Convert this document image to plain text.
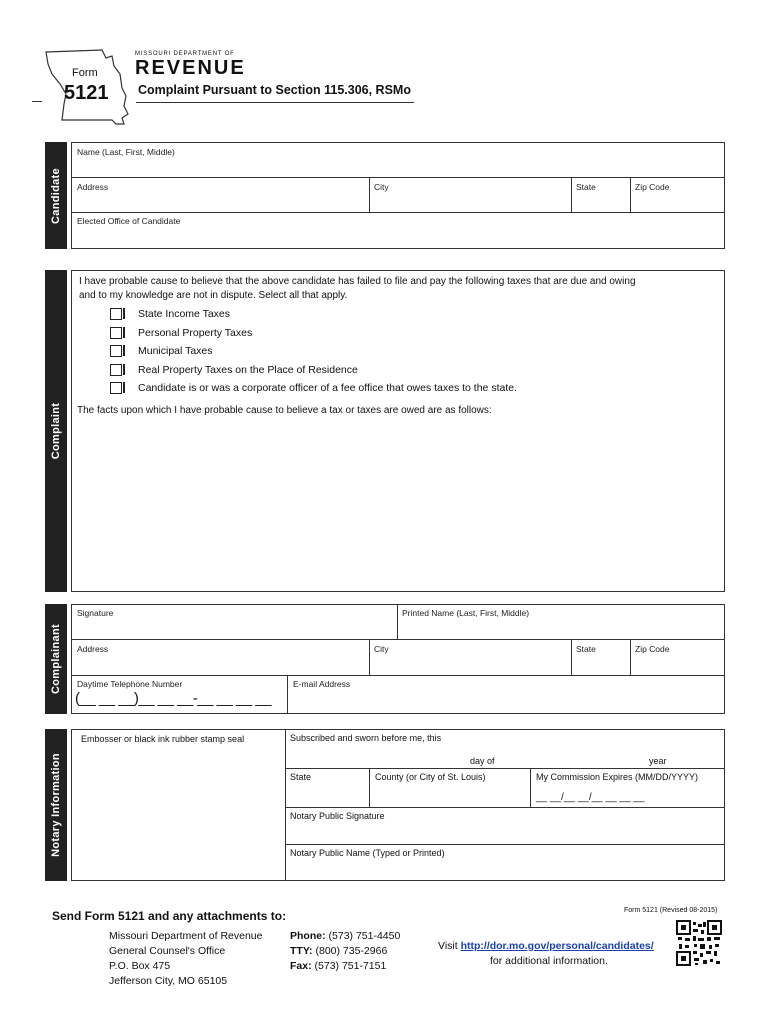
Form
5121
MISSOURI DEPARTMENT OF
REVENUE
Complaint Pursuant to Section 115.306, RSMo
Candidate
Name (Last, First, Middle)
Address	City	State	Zip Code
Elected Office of Candidate
Complaint
I have probable cause to believe that the above candidate has failed to file and pay the following taxes that are due and owing
and to my knowledge are not in dispute. Select all that apply.
State Income Taxes
Personal Property Taxes
Municipal Taxes
Real Property Taxes on the Place of Residence
Candidate is or was a corporate officer of a fee office that owes taxes to the state.
The facts upon which I have probable cause to believe a tax or taxes are owed are as follows:
Complainant
Signature	Printed Name (Last, First, Middle)
Address	City	State	Zip Code
Daytime Telephone Number
(__ __ __)__ __ __-__ __ __ __
E-mail Address
Notary Information
Embosser or black ink rubber stamp seal	Subscribed and sworn before me, this
day of	year
State	County (or City of St. Louis)	My Commission Expires (MM/DD/YYYY)
__ __/__ __/__ __ __ __
Notary Public Signature
Notary Public Name (Typed or Printed)
Send Form 5121 and any attachments to:	Form 5121 (Revised 08-2015)
Missouri Department of Revenue
General Counsel's Office
P.O. Box 475
Jefferson City, MO 65105
Phone: (573) 751-4450
TTY: (800) 735-2966
Fax: (573) 751-7151
Visit http://dor.mo.gov/personal/candidates/
for additional information.
